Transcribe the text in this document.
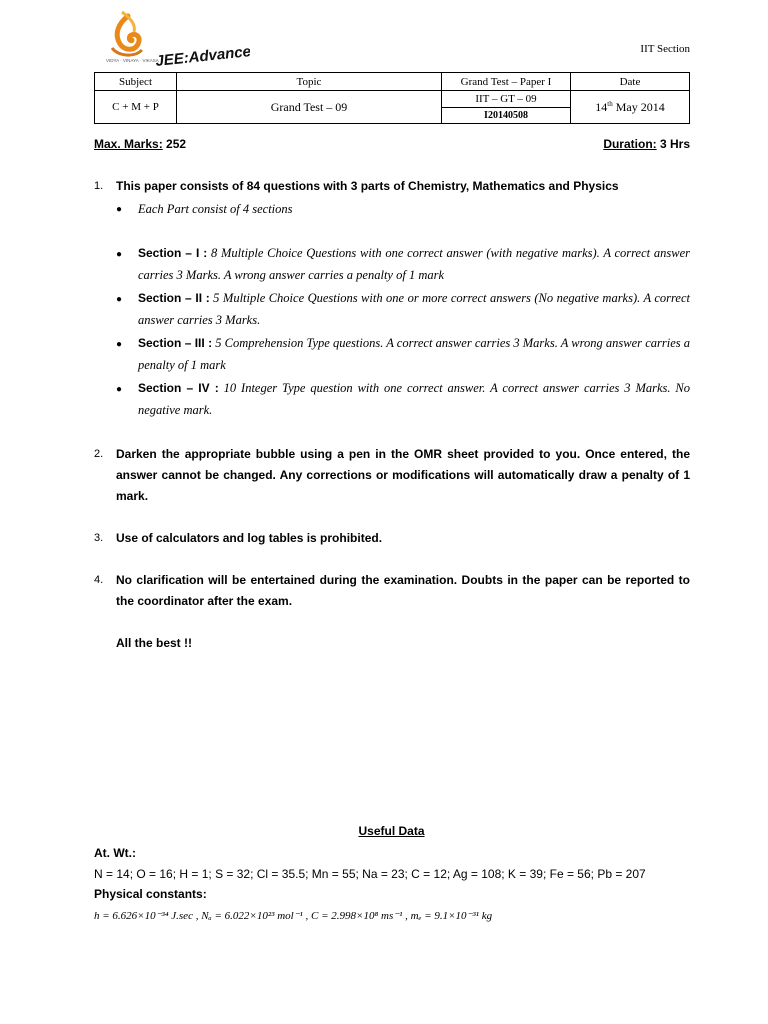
VIDYA · VINAYA · VIKASA
JEE:Advance	IIT Section
Subject	Topic	Grand Test – Paper I	Date
C + M + P	Grand Test – 09	IIT – GT – 09	14th May 2014
		I20140508	
Max. Marks: 252	Duration: 3 Hrs
1. This paper consists of 84 questions with 3 parts of Chemistry, Mathematics and Physics
● Each Part consist of 4 sections
● Section – I : 8 Multiple Choice Questions with one correct answer (with negative marks). A correct answer carries 3 Marks. A wrong answer carries a penalty of 1 mark
● Section – II : 5 Multiple Choice Questions with one or more correct answers (No negative marks). A correct answer carries 3 Marks.
● Section – III : 5 Comprehension Type questions. A correct answer carries 3 Marks. A wrong answer carries a penalty of 1 mark
● Section – IV : 10 Integer Type question with one correct answer. A correct answer carries 3 Marks. No negative mark.
2. Darken the appropriate bubble using a pen in the OMR sheet provided to you. Once entered, the answer cannot be changed. Any corrections or modifications will automatically draw a penalty of 1 mark.
3. Use of calculators and log tables is prohibited.
4. No clarification will be entertained during the examination. Doubts in the paper can be reported to the coordinator after the exam.
All the best !!
Useful Data
At. Wt.:
N = 14; O = 16; H = 1; S = 32; Cl = 35.5; Mn = 55; Na = 23; C = 12; Ag = 108; K = 39; Fe = 56; Pb = 207
Physical constants:
h = 6.626×10⁻³⁴ J.sec , Nₐ = 6.022×10²³ mol⁻¹ , C = 2.998×10⁸ ms⁻¹ , mₑ = 9.1×10⁻³¹ kg
